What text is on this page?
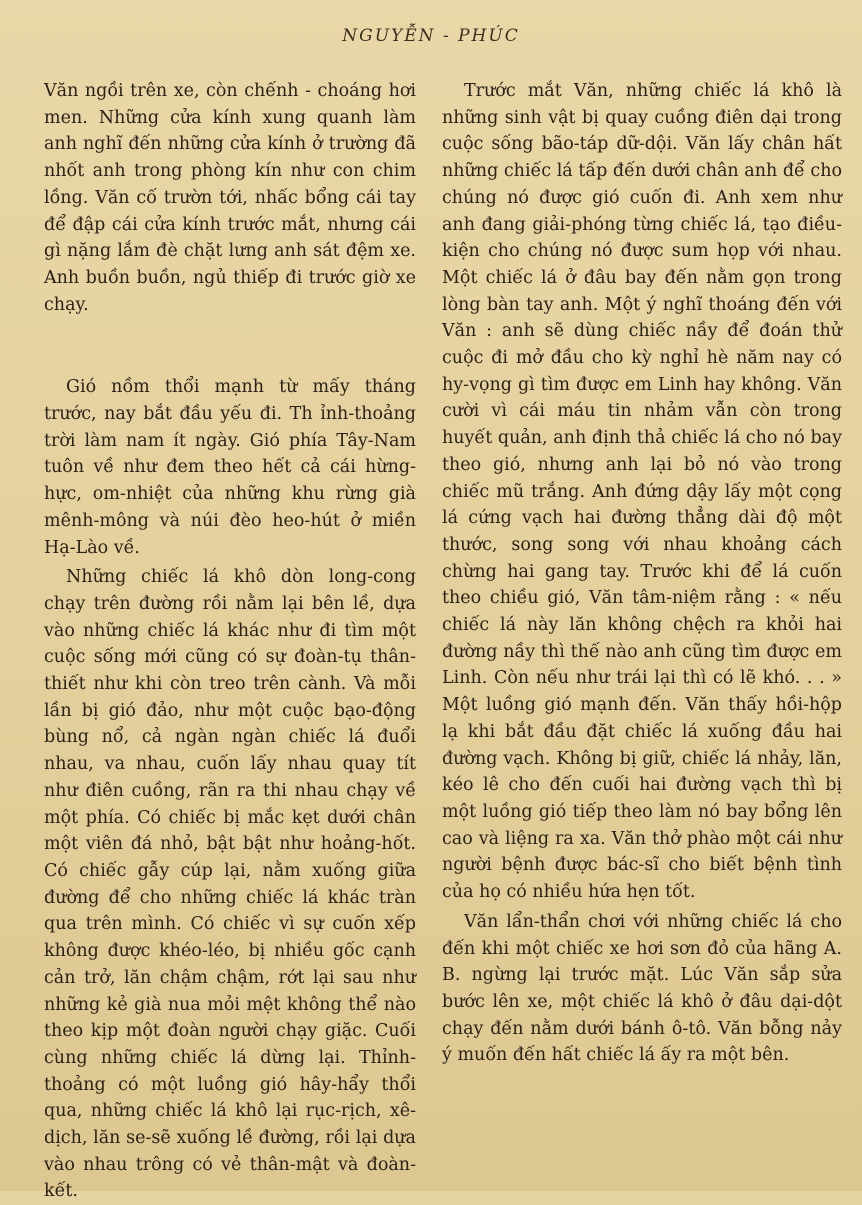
NGUYỄN - PHÚC

Văn ngồi trên xe, còn chếnh - choáng hơi men. Những cửa kính xung quanh làm anh nghĩ đến những cửa kính ở trường đã nhốt anh trong phòng kín như con chim lồng. Văn cố trườn tới, nhấc bổng cái tay để đập cái cửa kính trước mắt, nhưng cái gì nặng lắm đè chặt lưng anh sát đệm xe. Anh buồn buồn, ngủ thiếp đi trước giờ xe chạy.

Gió nồm thổi mạnh từ mấy tháng trước, nay bắt đầu yếu đi. Th ỉnh-thoảng trời làm nam ít ngày. Gió phía Tây-Nam tuôn về như đem theo hết cả cái hừng-hực, om-nhiệt của những khu rừng già mênh-mông và núi đèo heo-hút ở miền Hạ-Lào về.

Những chiếc lá khô dòn long-cong chạy trên đường rồi nằm lại bên lề, dựa vào những chiếc lá khác như đi tìm một cuộc sống mới cũng có sự đoàn-tụ thân-thiết như khi còn treo trên cành. Và mỗi lần bị gió đảo, như một cuộc bạo-động bùng nổ, cả ngàn ngàn chiếc lá đuổi nhau, va nhau, cuốn lấy nhau quay tít như điên cuồng, rãn ra thi nhau chạy về một phía. Có chiếc bị mắc kẹt dưới chân một viên đá nhỏ, bật bật như hoảng-hốt. Có chiếc gẫy cúp lại, nằm xuống giữa đường để cho những chiếc lá khác tràn qua trên mình. Có chiếc vì sự cuốn xếp không được khéo-léo, bị nhiều gốc cạnh cản trở, lăn chậm chậm, rớt lại sau như những kẻ già nua mỏi mệt không thể nào theo kịp một đoàn người chạy giặc. Cuối cùng những chiếc lá dừng lại. Thỉnh-thoảng có một luồng gió hây-hẩy thổi qua, những chiếc lá khô lại rục-rịch, xê-dịch, lăn se-sẽ xuống lề đường, rồi lại dựa vào nhau trông có vẻ thân-mật và đoàn-kết.

Trước mắt Văn, những chiếc lá khô là những sinh vật bị quay cuồng điên dại trong cuộc sống bão-táp dữ-dội. Văn lấy chân hất những chiếc lá tấp đến dưới chân anh để cho chúng nó được gió cuốn đi. Anh xem như anh đang giải-phóng từng chiếc lá, tạo điều-kiện cho chúng nó được sum họp với nhau. Một chiếc lá ở đâu bay đến nằm gọn trong lòng bàn tay anh. Một ý nghĩ thoáng đến với Văn : anh sẽ dùng chiếc nầy để đoán thử cuộc đi mở đầu cho kỳ nghỉ hè năm nay có hy-vọng gì tìm được em Linh hay không. Văn cười vì cái máu tin nhảm vẫn còn trong huyết quản, anh định thả chiếc lá cho nó bay theo gió, nhưng anh lại bỏ nó vào trong chiếc mũ trắng. Anh đứng dậy lấy một cọng lá cứng vạch hai đường thẳng dài độ một thước, song song với nhau khoảng cách chừng hai gang tay. Trước khi để lá cuốn theo chiều gió, Văn tâm-niệm rằng : « nếu chiếc lá này lăn không chệch ra khỏi hai đường nầy thì thế nào anh cũng tìm được em Linh. Còn nếu như trái lại thì có lẽ khó. . . » Một luồng gió mạnh đến. Văn thấy hồi-hộp lạ khi bắt đầu đặt chiếc lá xuống đầu hai đường vạch. Không bị giữ, chiếc lá nhảy, lăn, kéo lê cho đến cuối hai đường vạch thì bị một luồng gió tiếp theo làm nó bay bổng lên cao và liệng ra xa. Văn thở phào một cái như người bệnh được bác-sĩ cho biết bệnh tình của họ có nhiều hứa hẹn tốt.

Văn lẩn-thẩn chơi với những chiếc lá cho đến khi một chiếc xe hơi sơn đỏ của hãng A. B. ngừng lại trước mặt. Lúc Văn sắp sửa bước lên xe, một chiếc lá khô ở đâu dại-dột chạy đến nằm dưới bánh ô-tô. Văn bỗng nảy ý muốn đến hất chiếc lá ấy ra một bên.
